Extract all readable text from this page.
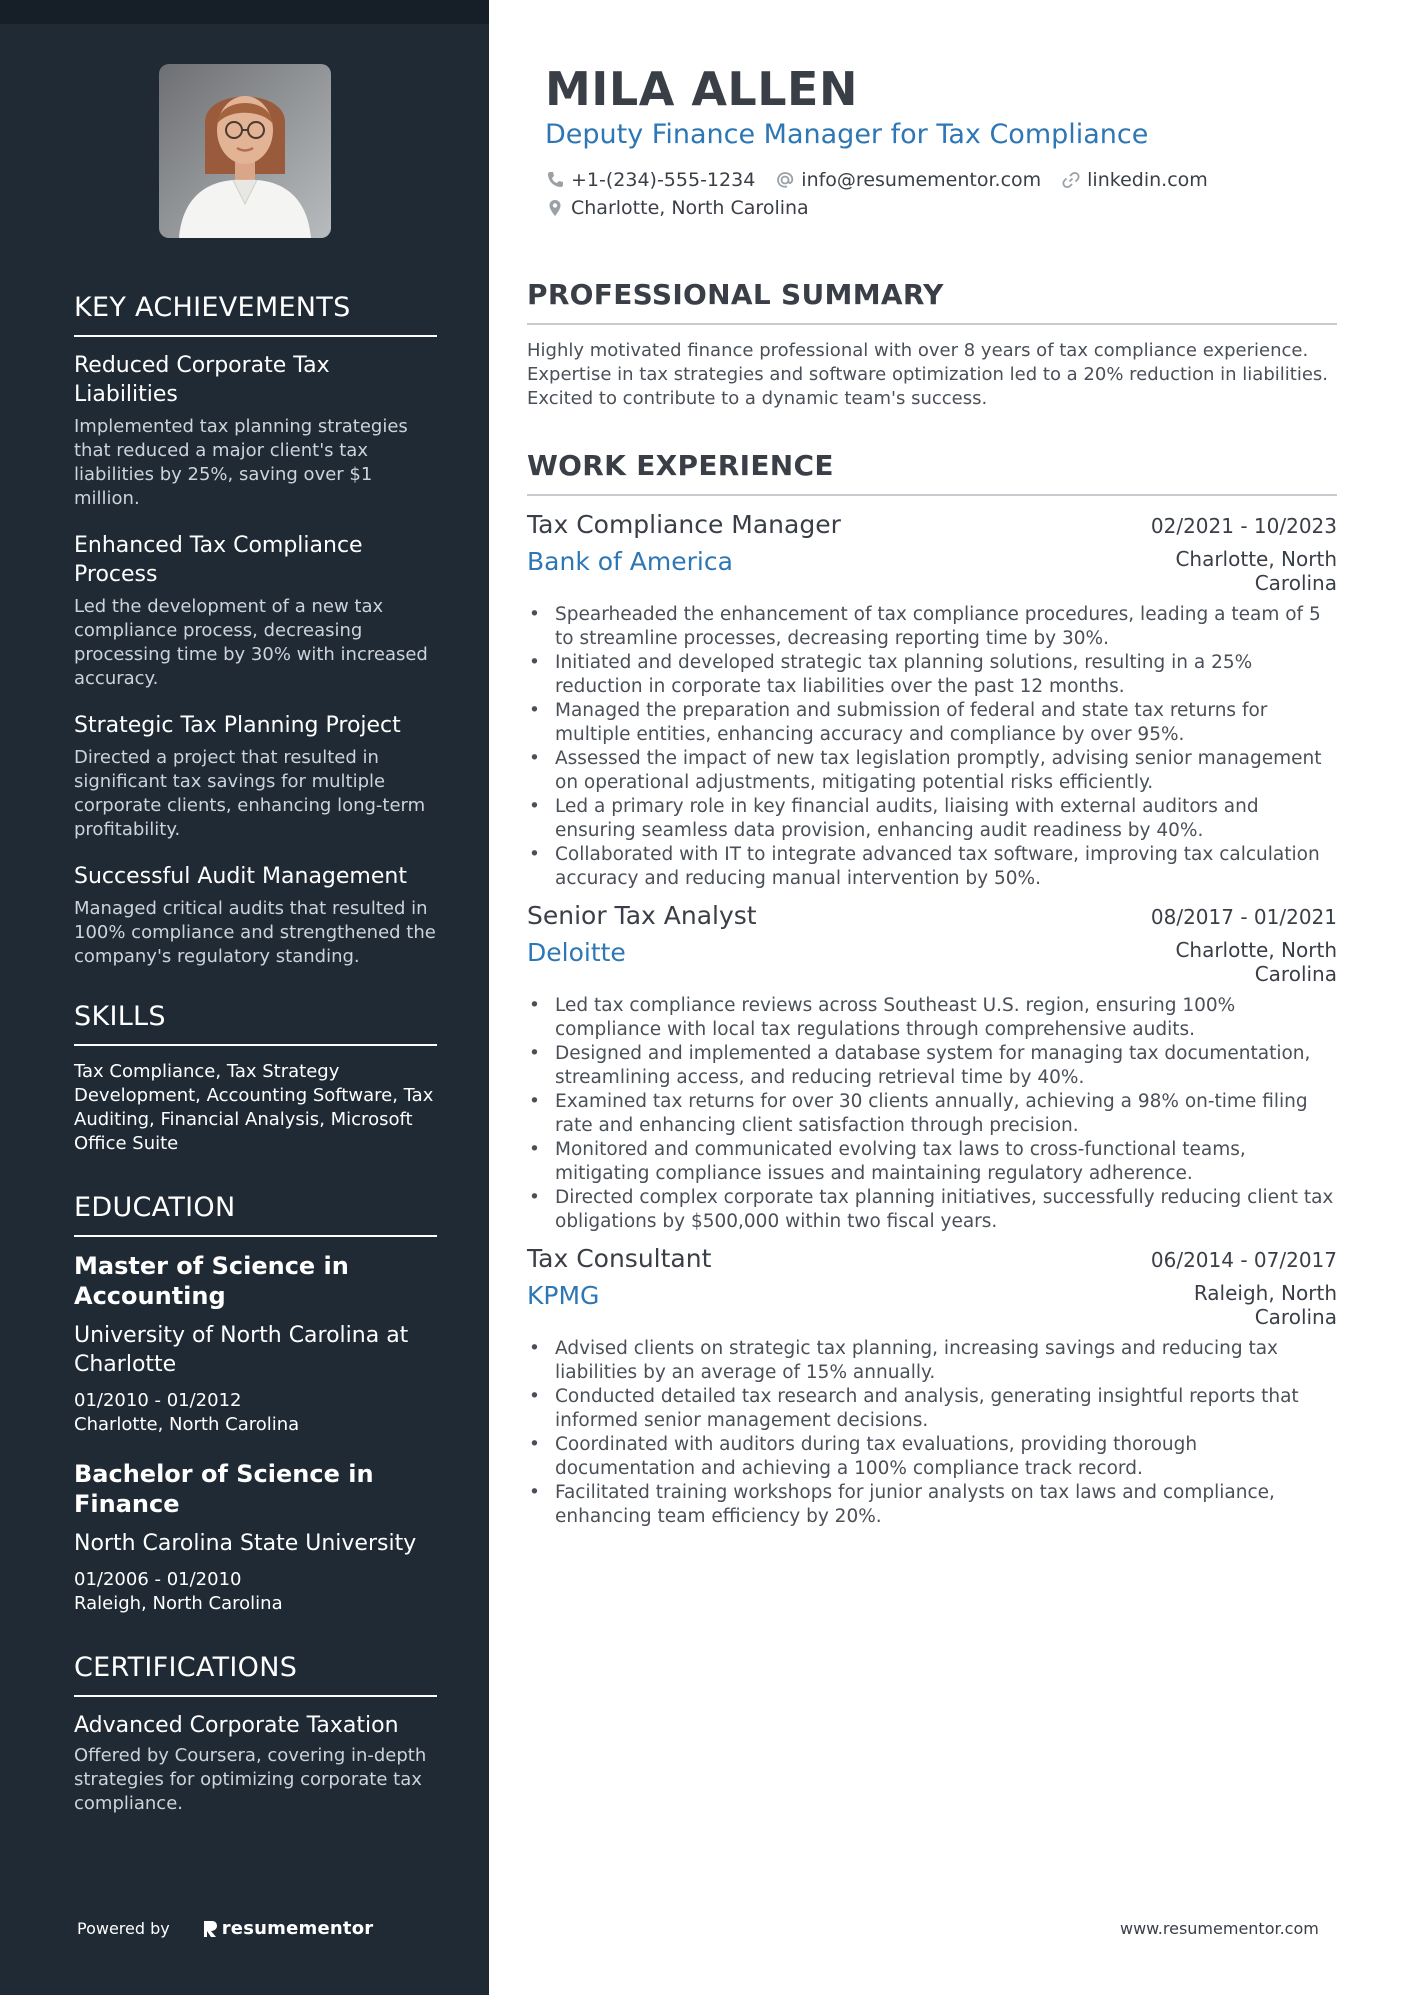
KEY ACHIEVEMENTS
Reduced Corporate Tax Liabilities
Implemented tax planning strategies that reduced a major client's tax liabilities by 25%, saving over $1 million.
Enhanced Tax Compliance Process
Led the development of a new tax compliance process, decreasing processing time by 30% with increased accuracy.
Strategic Tax Planning Project
Directed a project that resulted in significant tax savings for multiple corporate clients, enhancing long-term profitability.
Successful Audit Management
Managed critical audits that resulted in 100% compliance and strengthened the company's regulatory standing.
SKILLS
Tax Compliance, Tax Strategy Development, Accounting Software, Tax Auditing, Financial Analysis, Microsoft Office Suite
EDUCATION
Master of Science in Accounting
University of North Carolina at Charlotte
01/2010 - 01/2012
Charlotte, North Carolina
Bachelor of Science in Finance
North Carolina State University
01/2006 - 01/2010
Raleigh, North Carolina
CERTIFICATIONS
Advanced Corporate Taxation
Offered by Coursera, covering in-depth strategies for optimizing corporate tax compliance.
Powered by	resumementor
MILA ALLEN
Deputy Finance Manager for Tax Compliance
+1-(234)-555-1234 info@resumementor.com linkedin.com
Charlotte, North Carolina
PROFESSIONAL SUMMARY

Highly motivated finance professional with over 8 years of tax compliance experience. Expertise in tax strategies and software optimization led to a 20% reduction in liabilities. Excited to contribute to a dynamic team's success.

WORK EXPERIENCE
Tax Compliance Manager	02/2021 - 10/2023
Bank of America	Charlotte, North Carolina
• Spearheaded the enhancement of tax compliance procedures, leading a team of 5 to streamline processes, decreasing reporting time by 30%.
• Initiated and developed strategic tax planning solutions, resulting in a 25% reduction in corporate tax liabilities over the past 12 months.
• Managed the preparation and submission of federal and state tax returns for multiple entities, enhancing accuracy and compliance by over 95%.
• Assessed the impact of new tax legislation promptly, advising senior management on operational adjustments, mitigating potential risks efficiently.
• Led a primary role in key financial audits, liaising with external auditors and ensuring seamless data provision, enhancing audit readiness by 40%.
• Collaborated with IT to integrate advanced tax software, improving tax calculation accuracy and reducing manual intervention by 50%.
Senior Tax Analyst	08/2017 - 01/2021
Deloitte	Charlotte, North Carolina
• Led tax compliance reviews across Southeast U.S. region, ensuring 100% compliance with local tax regulations through comprehensive audits.
• Designed and implemented a database system for managing tax documentation, streamlining access, and reducing retrieval time by 40%.
• Examined tax returns for over 30 clients annually, achieving a 98% on-time filing rate and enhancing client satisfaction through precision.
• Monitored and communicated evolving tax laws to cross-functional teams, mitigating compliance issues and maintaining regulatory adherence.
• Directed complex corporate tax planning initiatives, successfully reducing client tax obligations by $500,000 within two fiscal years.
Tax Consultant	06/2014 - 07/2017
KPMG	Raleigh, North Carolina
• Advised clients on strategic tax planning, increasing savings and reducing tax liabilities by an average of 15% annually.
• Conducted detailed tax research and analysis, generating insightful reports that informed senior management decisions.
• Coordinated with auditors during tax evaluations, providing thorough documentation and achieving a 100% compliance track record.
• Facilitated training workshops for junior analysts on tax laws and compliance, enhancing team efficiency by 20%.
www.resumementor.com
